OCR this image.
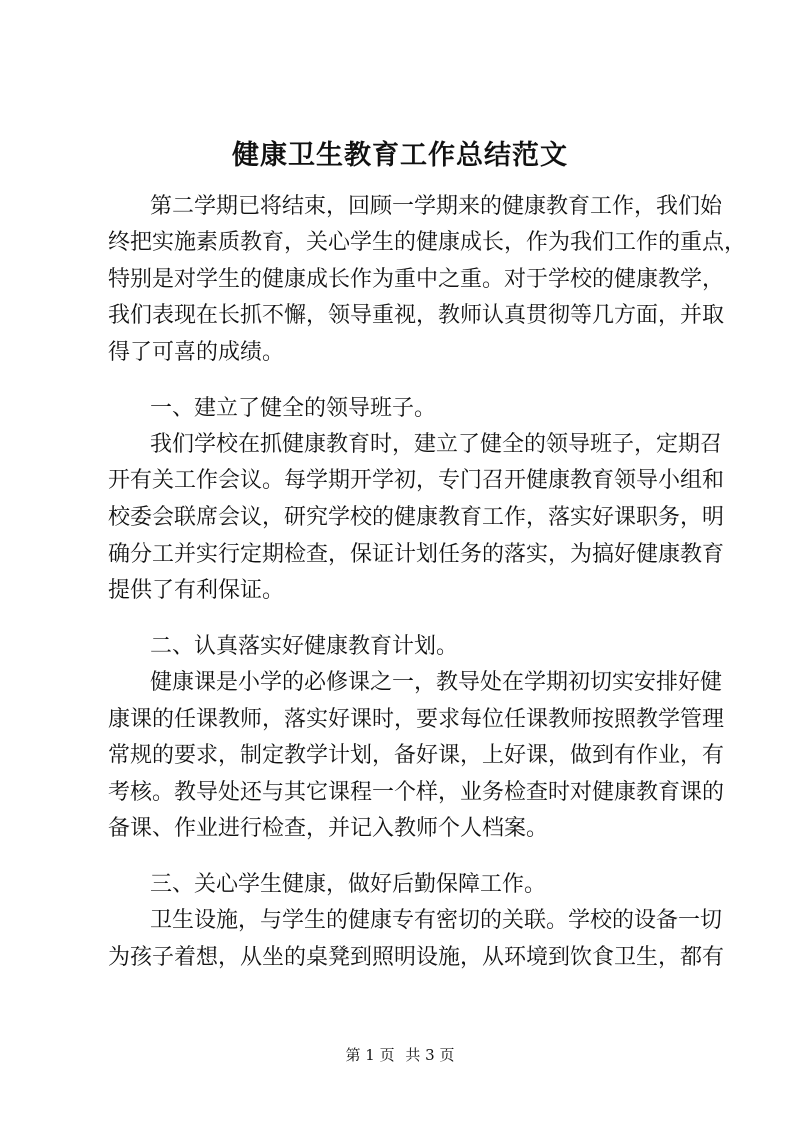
健康卫生教育工作总结范文
第二学期已将结束，回顾一学期来的健康教育工作，我们始
终把实施素质教育，关心学生的健康成长，作为我们工作的重点，
特别是对学生的健康成长作为重中之重。对于学校的健康教学，
我们表现在长抓不懈，领导重视，教师认真贯彻等几方面，并取
得了可喜的成绩。
一、建立了健全的领导班子。
我们学校在抓健康教育时，建立了健全的领导班子，定期召
开有关工作会议。每学期开学初，专门召开健康教育领导小组和
校委会联席会议，研究学校的健康教育工作，落实好课职务，明
确分工并实行定期检查，保证计划任务的落实，为搞好健康教育
提供了有利保证。
二、认真落实好健康教育计划。
健康课是小学的必修课之一，教导处在学期初切实安排好健
康课的任课教师，落实好课时，要求每位任课教师按照教学管理
常规的要求，制定教学计划，备好课，上好课，做到有作业，有
考核。教导处还与其它课程一个样，业务检查时对健康教育课的
备课、作业进行检查，并记入教师个人档案。
三、关心学生健康，做好后勤保障工作。
卫生设施，与学生的健康专有密切的关联。学校的设备一切
为孩子着想，从坐的桌凳到照明设施，从环境到饮食卫生，都有
第 1 页 共 3 页
